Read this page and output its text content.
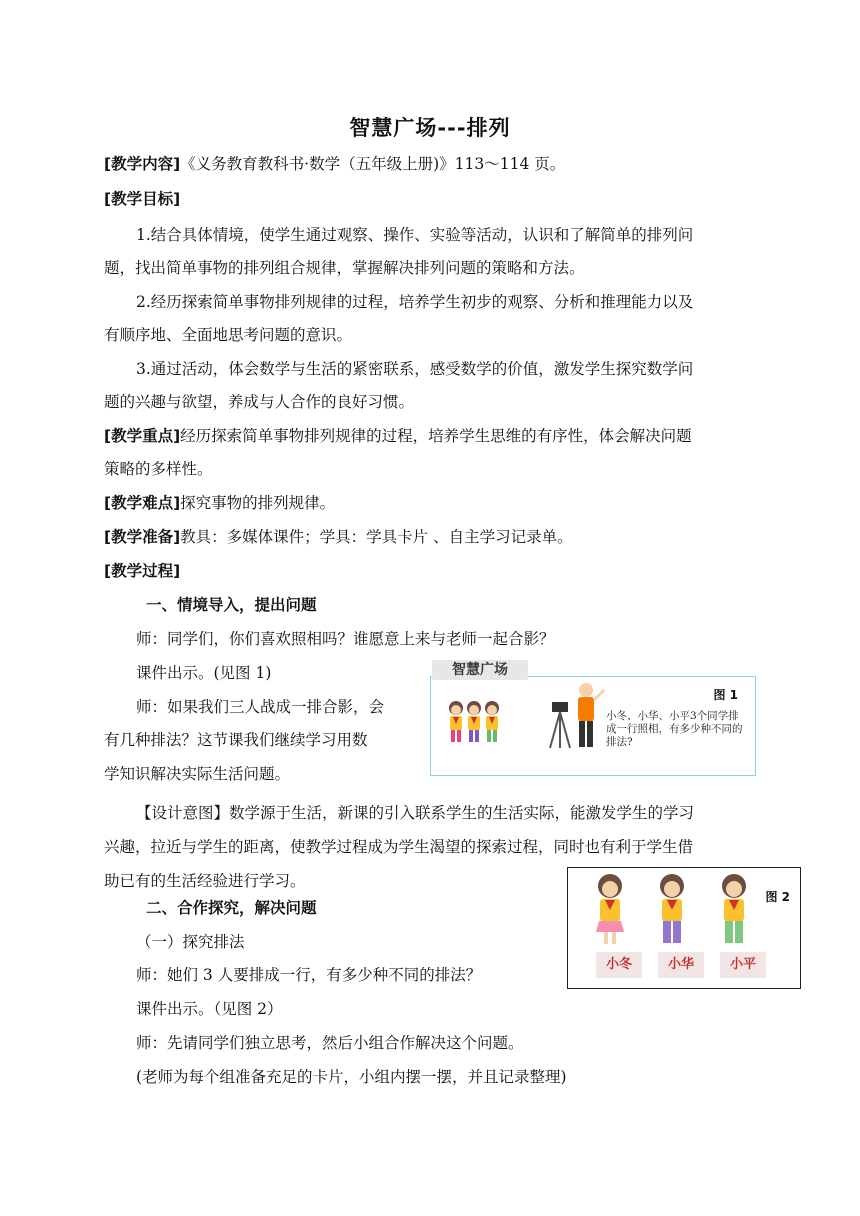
智慧广场---排列
[教学内容]《义务教育教科书·数学（五年级上册)》113～114 页。
[教学目标]
1.结合具体情境，使学生通过观察、操作、实验等活动，认识和了解简单的排列问
题，找出简单事物的排列组合规律，掌握解决排列问题的策略和方法。
2.经历探索简单事物排列规律的过程，培养学生初步的观察、分析和推理能力以及
有顺序地、全面地思考问题的意识。
3.通过活动，体会数学与生活的紧密联系，感受数学的价值，激发学生探究数学问
题的兴趣与欲望，养成与人合作的良好习惯。
[教学重点]经历探索简单事物排列规律的过程，培养学生思维的有序性，体会解决问题
策略的多样性。
[教学难点]探究事物的排列规律。
[教学准备]教具：多媒体课件；学具：学具卡片 、自主学习记录单。
[教学过程]
一、情境导入，提出问题
师：同学们，你们喜欢照相吗？谁愿意上来与老师一起合影？
课件出示。(见图 1)
师：如果我们三人战成一排合影，会
有几种排法？这节课我们继续学习用数
学知识解决实际生活问题。
【设计意图】数学源于生活，新课的引入联系学生的生活实际，能激发学生的学习
兴趣，拉近与学生的距离，使教学过程成为学生渴望的探索过程，同时也有利于学生借
助已有的生活经验进行学习。
二、合作探究，解决问题
（一）探究排法
师：她们 3 人要排成一行，有多少种不同的排法？
课件出示。（见图 2）
师：先请同学们独立思考，然后小组合作解决这个问题。
(老师为每个组准备充足的卡片，小组内摆一摆，并且记录整理)
智慧广场
图 1
小冬、小华、小平3个同学排成一行照相，有多少种不同的排法?
图 2
小冬	小华	小平
